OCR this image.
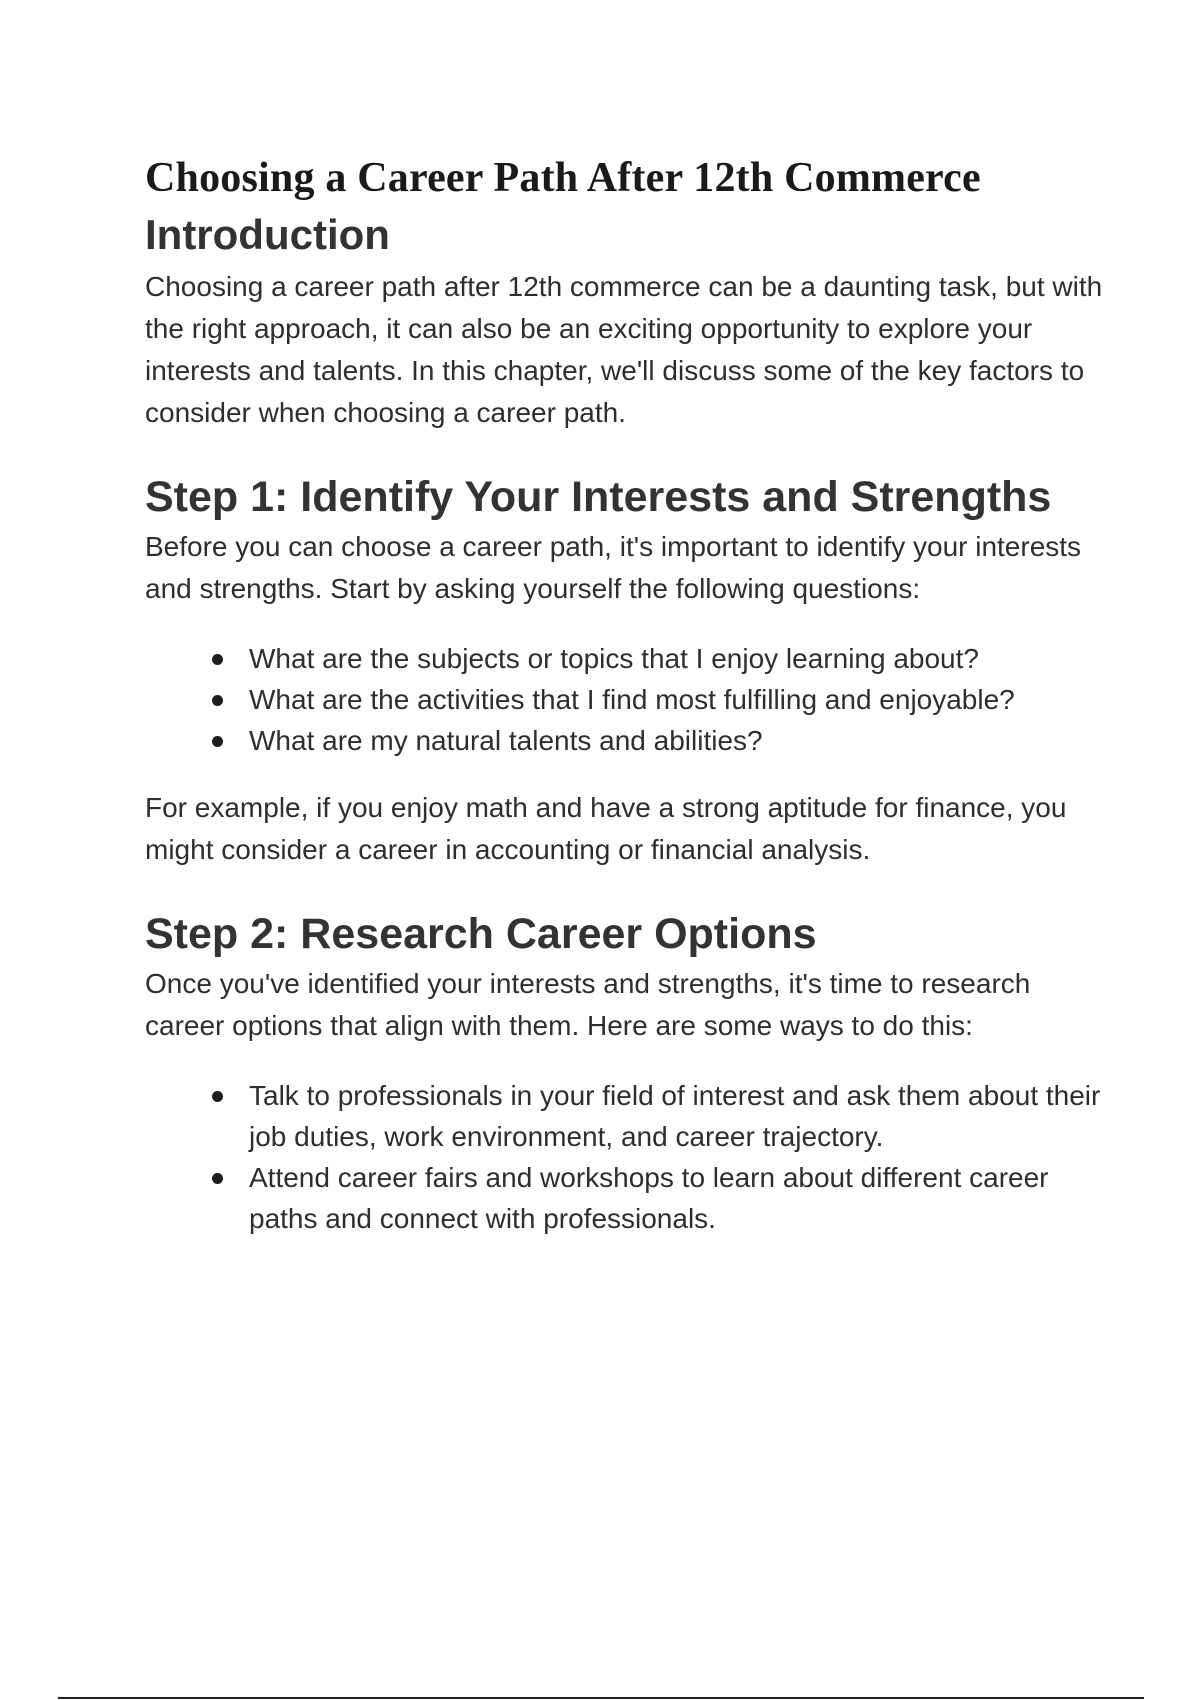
Choosing a Career Path After 12th Commerce
Introduction

Choosing a career path after 12th commerce can be a daunting task, but with the right approach, it can also be an exciting opportunity to explore your interests and talents. In this chapter, we'll discuss some of the key factors to consider when choosing a career path.

Step 1: Identify Your Interests and Strengths

Before you can choose a career path, it's important to identify your interests and strengths. Start by asking yourself the following questions:

What are the subjects or topics that I enjoy learning about?
What are the activities that I find most fulfilling and enjoyable?
What are my natural talents and abilities?

For example, if you enjoy math and have a strong aptitude for finance, you might consider a career in accounting or financial analysis.

Step 2: Research Career Options

Once you've identified your interests and strengths, it's time to research career options that align with them. Here are some ways to do this:

Talk to professionals in your field of interest and ask them about their job duties, work environment, and career trajectory.
Attend career fairs and workshops to learn about different career paths and connect with professionals.
